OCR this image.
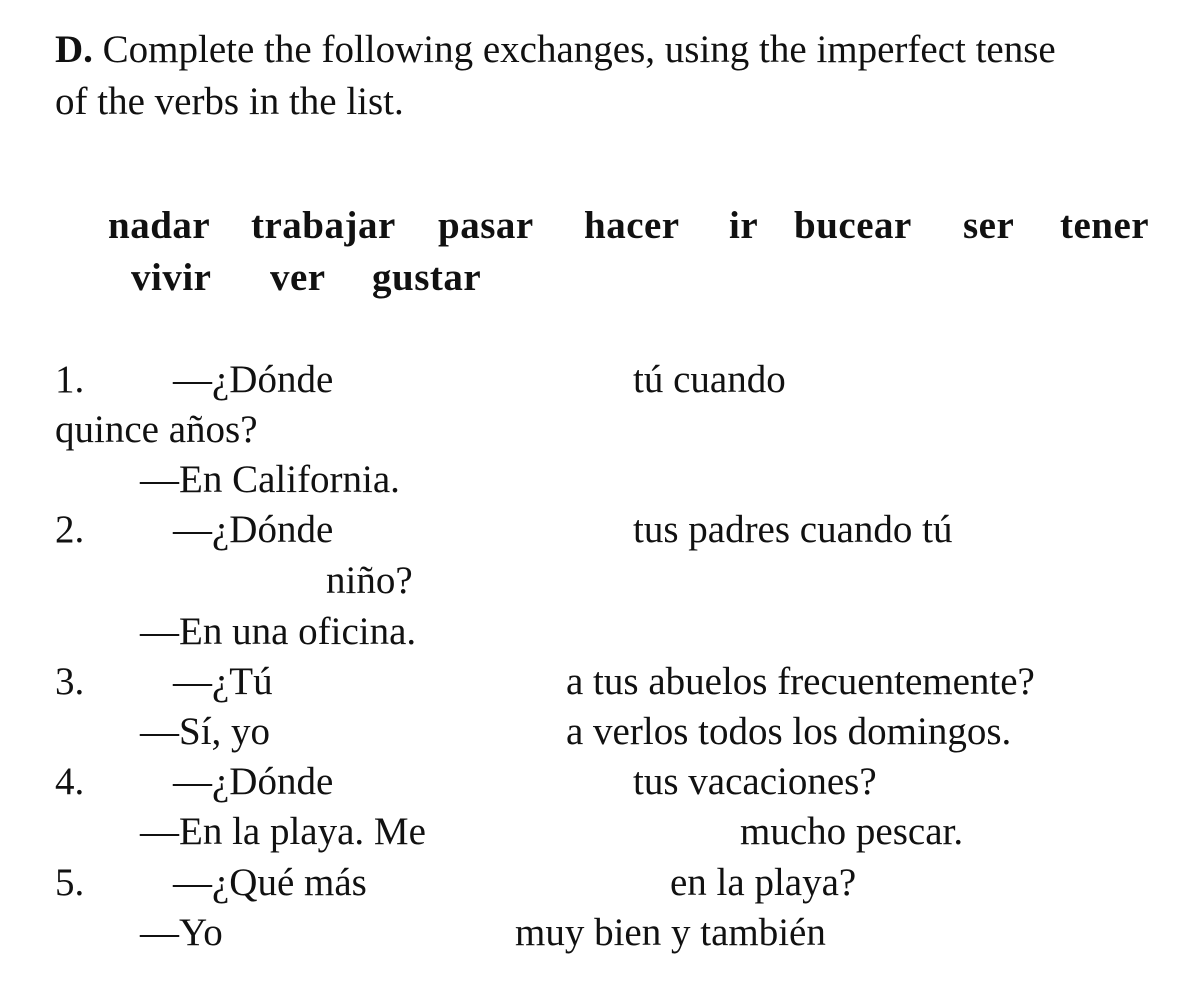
D. Complete the following exchanges, using the imperfect tense
of the verbs in the list.
nadar trabajar pasar hacer ir bucear ser tener
vivir ver gustar
1. —¿Dónde	tú cuando
quince años?
—En California.
2. —¿Dónde	tus padres cuando tú
niño?
—En una oficina.
3. —¿Tú	a tus abuelos frecuentemente?
—Sí, yo	a verlos todos los domingos.
4. —¿Dónde	tus vacaciones?
—En la playa. Me	mucho pescar.
5. —¿Qué más	en la playa?
—Yo	muy bien y también
